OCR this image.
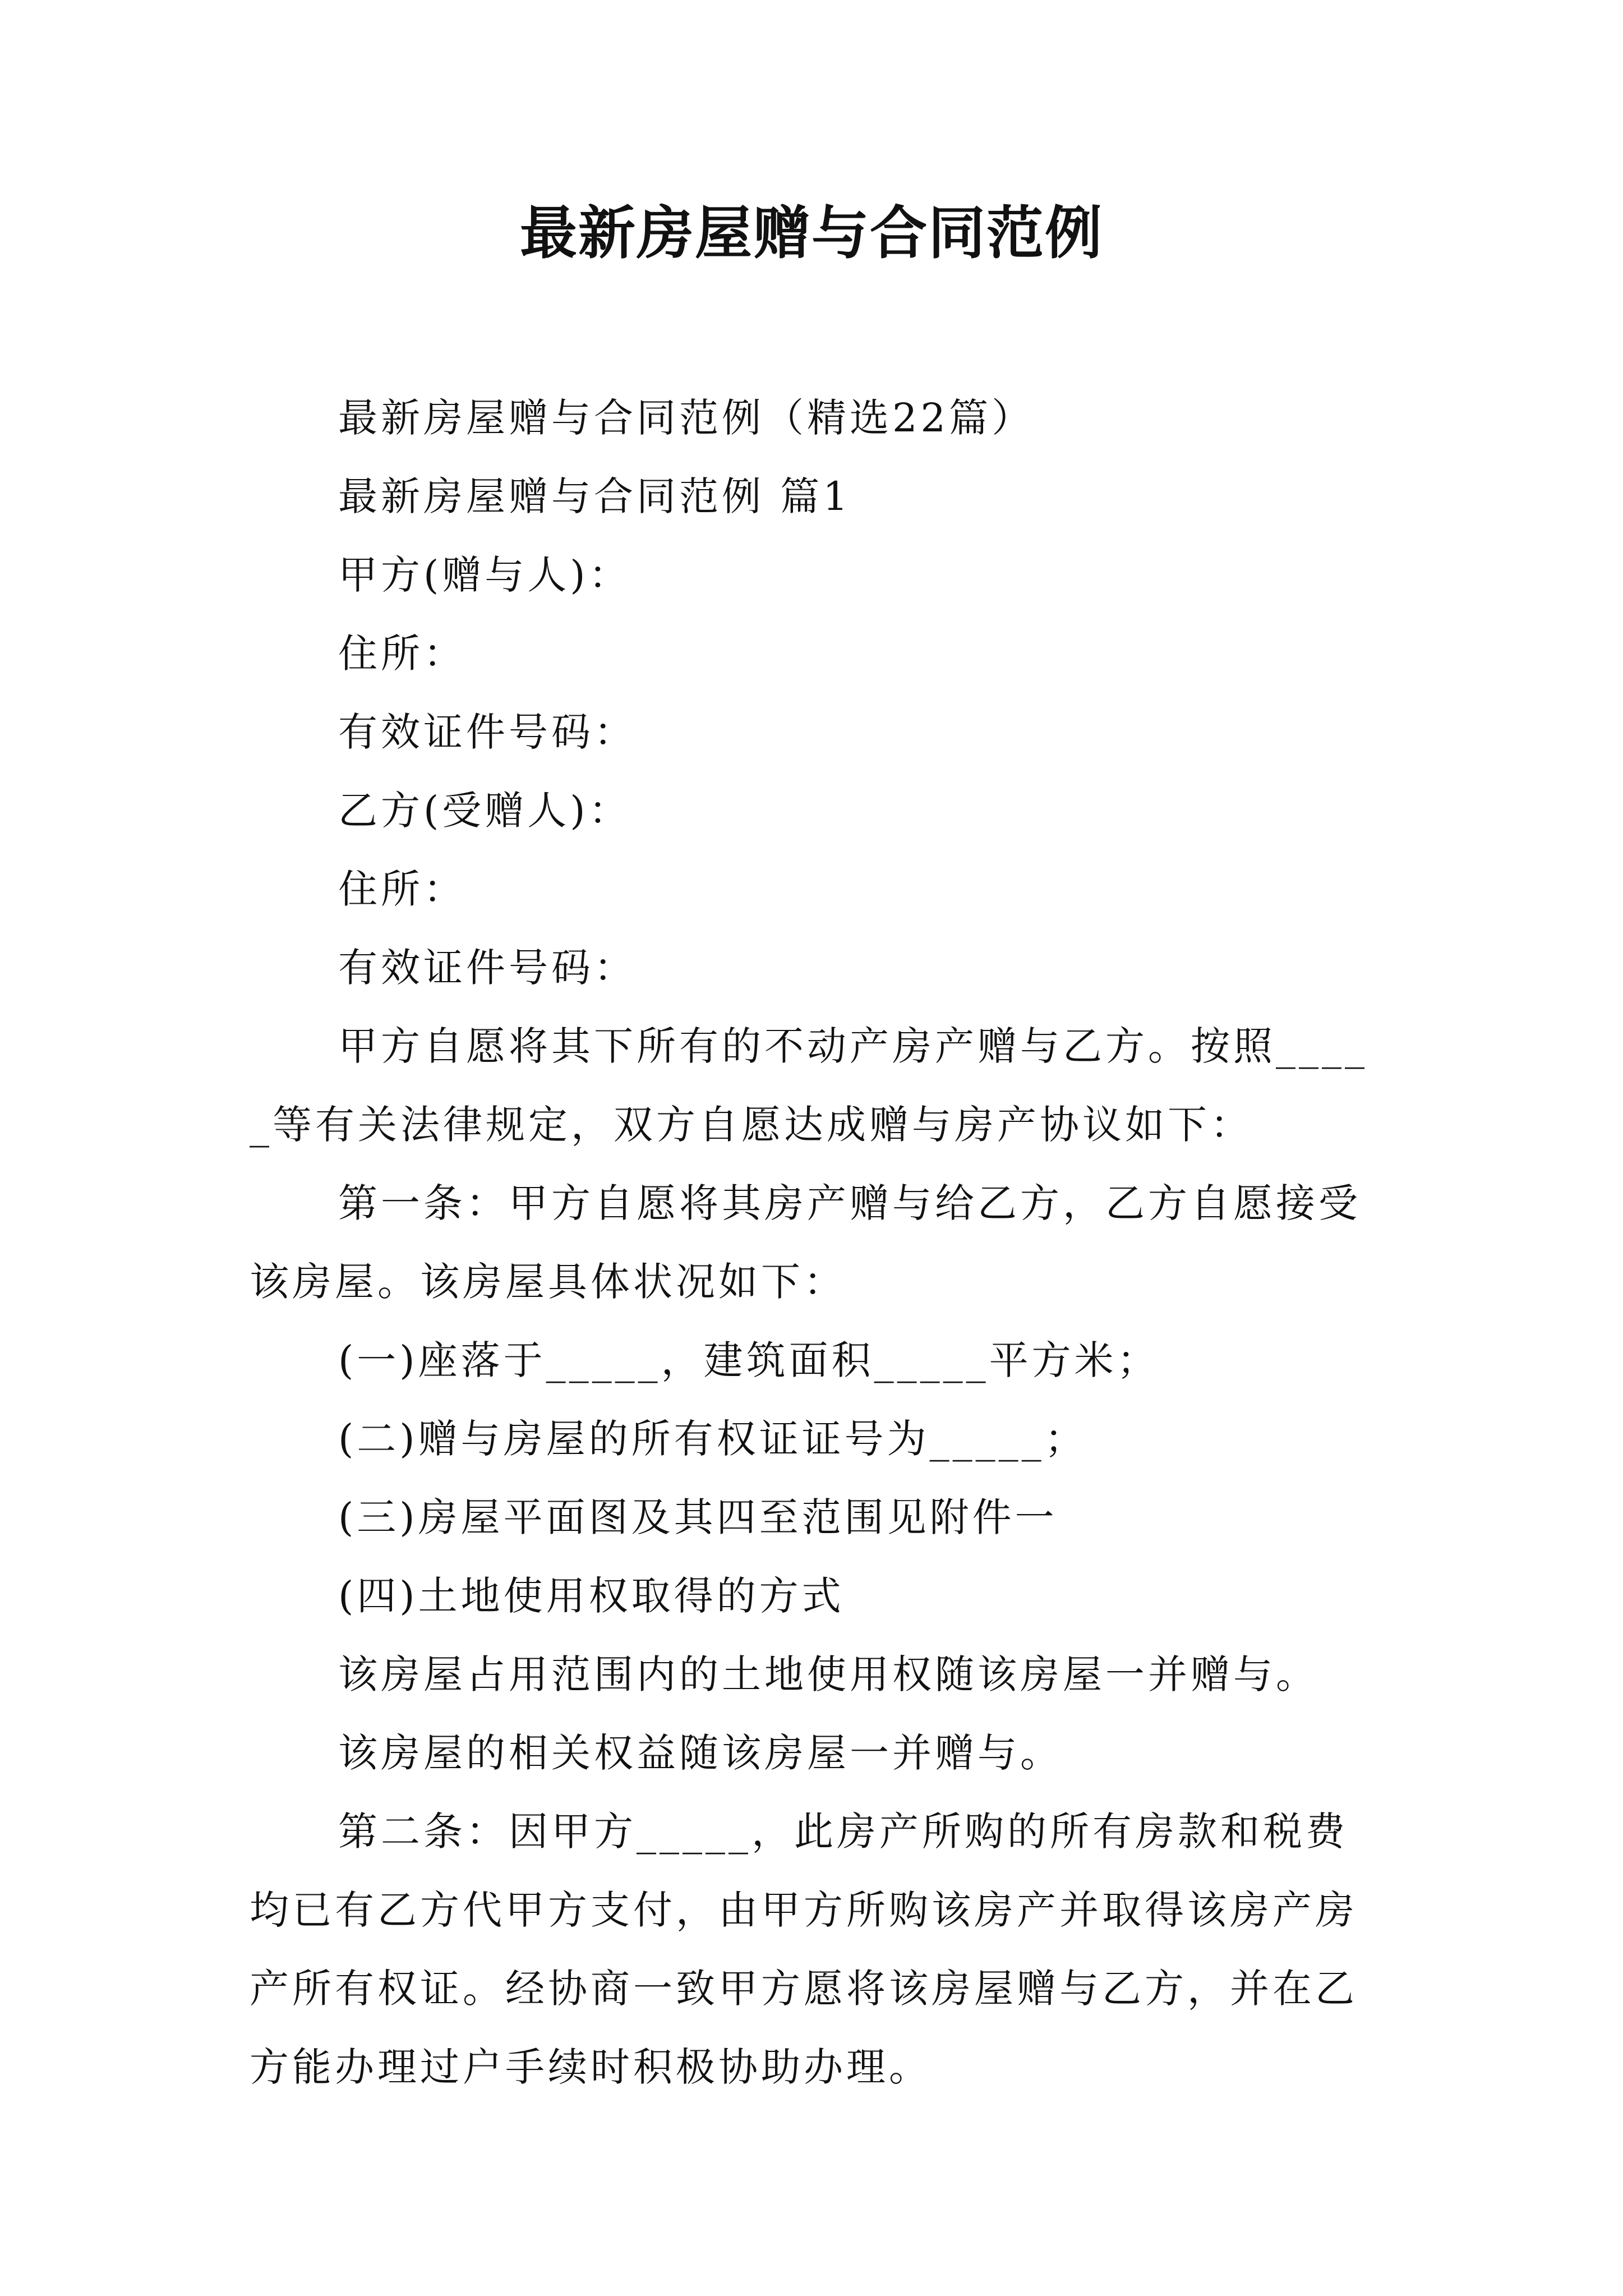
最新房屋赠与合同范例

最新房屋赠与合同范例（精选22篇）

最新房屋赠与合同范例 篇1

甲方(赠与人)：

住所：

有效证件号码：

乙方(受赠人)：

住所：

有效证件号码：

甲方自愿将其下所有的不动产房产赠与乙方。按照_____等有关法律规定，双方自愿达成赠与房产协议如下：

第一条：甲方自愿将其房产赠与给乙方，乙方自愿接受该房屋。该房屋具体状况如下：

(一)座落于_____，建筑面积_____平方米；

(二)赠与房屋的所有权证证号为_____；

(三)房屋平面图及其四至范围见附件一

(四)土地使用权取得的方式

该房屋占用范围内的土地使用权随该房屋一并赠与。

该房屋的相关权益随该房屋一并赠与。

第二条：因甲方_____，此房产所购的所有房款和税费均已有乙方代甲方支付，由甲方所购该房产并取得该房产房产所有权证。经协商一致甲方愿将该房屋赠与乙方，并在乙方能办理过户手续时积极协助办理。
